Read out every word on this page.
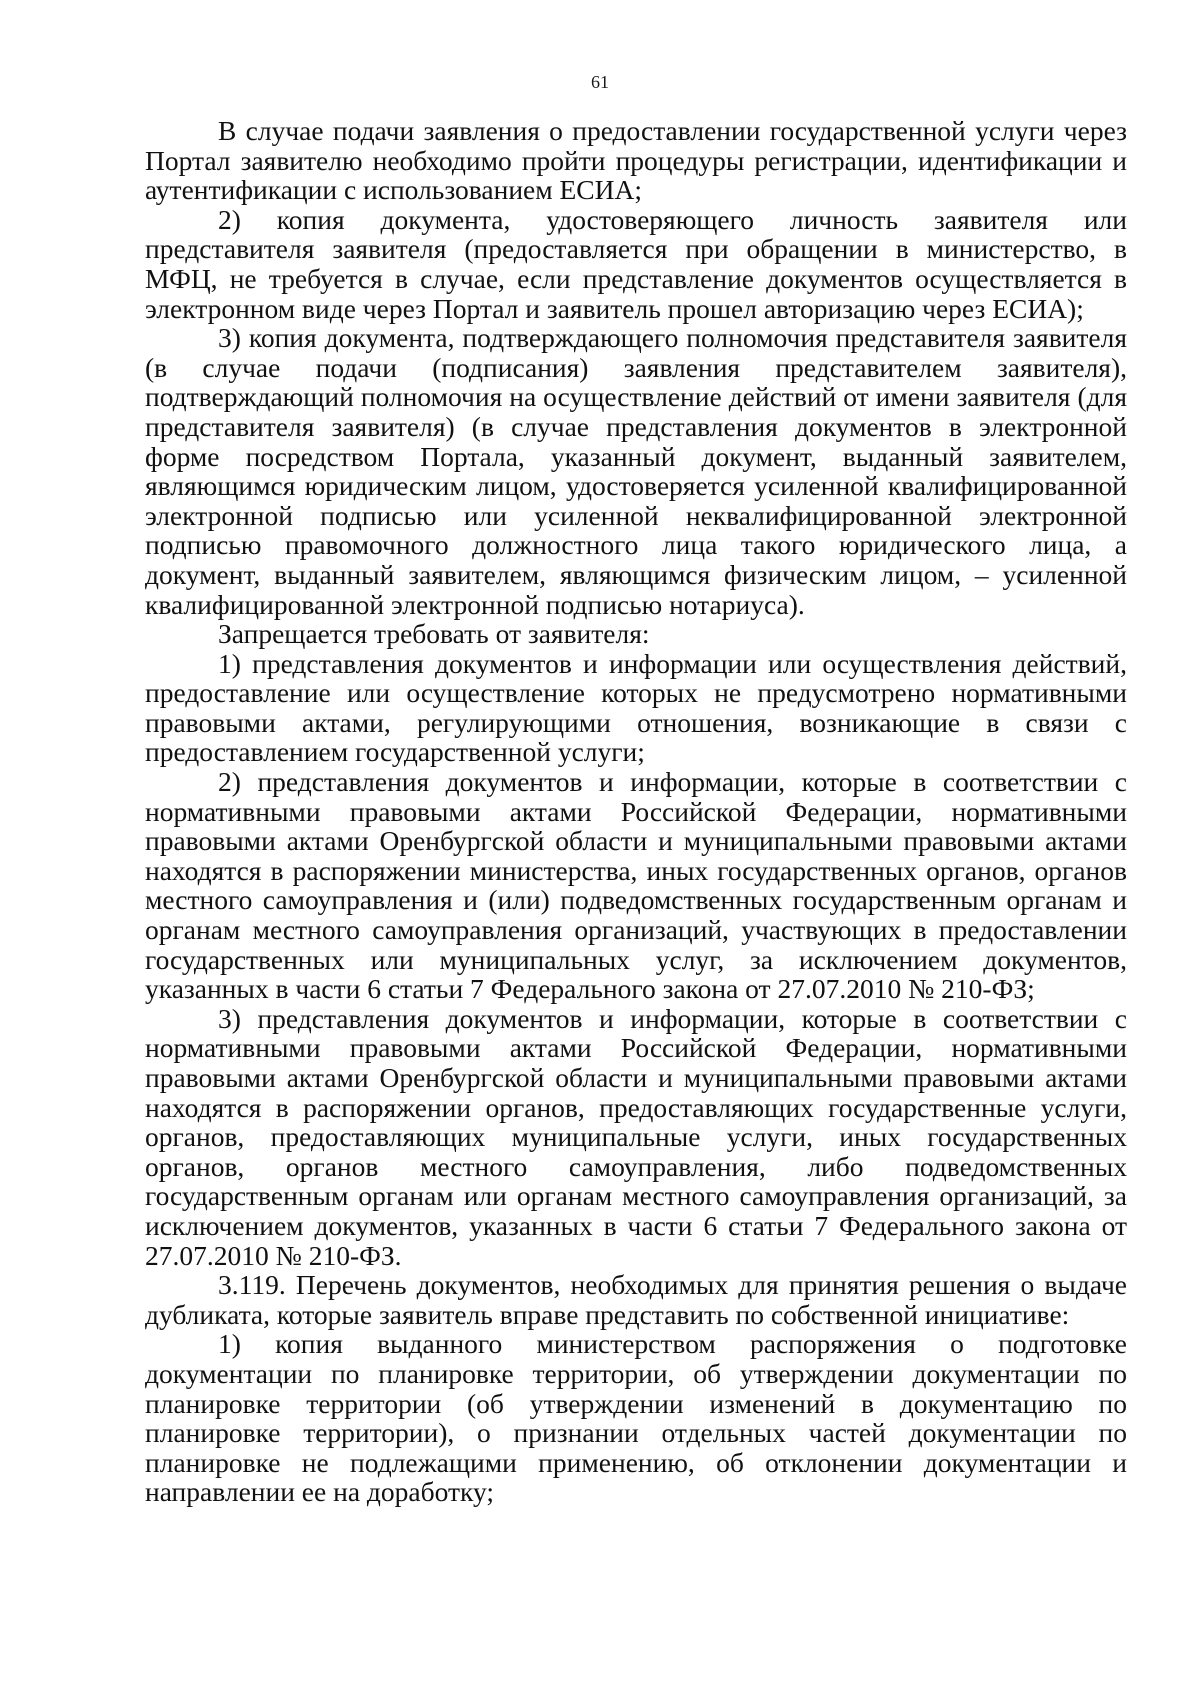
61

В случае подачи заявления о предоставлении государственной услуги через Портал заявителю необходимо пройти процедуры регистрации, идентификации и аутентификации с использованием ЕСИА;

2) копия документа, удостоверяющего личность заявителя или представителя заявителя (предоставляется при обращении в министерство, в МФЦ, не требуется в случае, если представление документов осуществляется в электронном виде через Портал и заявитель прошел авторизацию через ЕСИА);

3) копия документа, подтверждающего полномочия представителя заявителя (в случае подачи (подписания) заявления представителем заявителя), подтверждающий полномочия на осуществление действий от имени заявителя (для представителя заявителя) (в случае представления документов в электронной форме посредством Портала, указанный документ, выданный заявителем, являющимся юридическим лицом, удостоверяется усиленной квалифицированной электронной подписью или усиленной неквалифицированной электронной подписью правомочного должностного лица такого юридического лица, а документ, выданный заявителем, являющимся физическим лицом, – усиленной квалифицированной электронной подписью нотариуса).

Запрещается требовать от заявителя:

1) представления документов и информации или осуществления действий, предоставление или осуществление которых не предусмотрено нормативными правовыми актами, регулирующими отношения, возникающие в связи с предоставлением государственной услуги;

2) представления документов и информации, которые в соответствии с нормативными правовыми актами Российской Федерации, нормативными правовыми актами Оренбургской области и муниципальными правовыми актами находятся в распоряжении министерства, иных государственных органов, органов местного самоуправления и (или) подведомственных государственным органам и органам местного самоуправления организаций, участвующих в предоставлении государственных или муниципальных услуг, за исключением документов, указанных в части 6 статьи 7 Федерального закона от 27.07.2010 № 210-ФЗ;

3) представления документов и информации, которые в соответствии с нормативными правовыми актами Российской Федерации, нормативными правовыми актами Оренбургской области и муниципальными правовыми актами находятся в распоряжении органов, предоставляющих государственные услуги, органов, предоставляющих муниципальные услуги, иных государственных органов, органов местного самоуправления, либо подведомственных государственным органам или органам местного самоуправления организаций, за исключением документов, указанных в части 6 статьи 7 Федерального закона от 27.07.2010 № 210-ФЗ.

3.119. Перечень документов, необходимых для принятия решения о выдаче дубликата, которые заявитель вправе представить по собственной инициативе:

1) копия выданного министерством распоряжения о подготовке документации по планировке территории, об утверждении документации по планировке территории (об утверждении изменений в документацию по планировке территории), о признании отдельных частей документации по планировке не подлежащими применению, об отклонении документации и направлении ее на доработку;
